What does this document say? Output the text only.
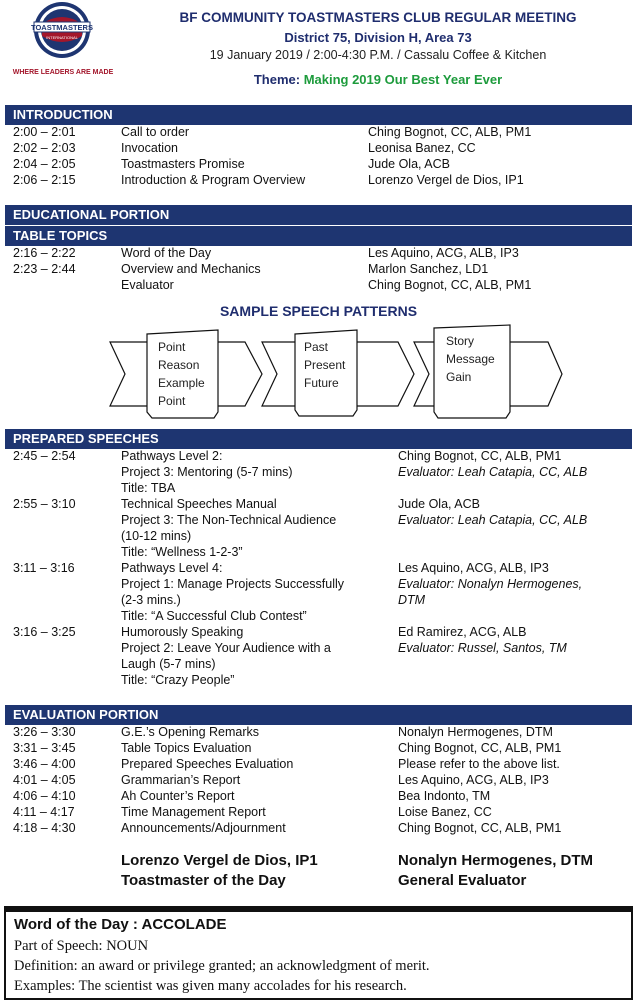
TOASTMASTERS
INTERNATIONAL
WHERE LEADERS ARE MADE
BF COMMUNITY TOASTMASTERS CLUB REGULAR MEETING
District 75, Division H, Area 73
19 January 2019 / 2:00-4:30 P.M. / Cassalu Coffee & Kitchen
Theme: Making 2019 Our Best Year Ever
INTRODUCTION
2:00 – 2:01	Call to order	Ching Bognot, CC, ALB, PM1
2:02 – 2:03	Invocation	Leonisa Banez, CC
2:04 – 2:05	Toastmasters Promise	Jude Ola, ACB
2:06 – 2:15	Introduction & Program Overview	Lorenzo Vergel de Dios, IP1
EDUCATIONAL PORTION
TABLE TOPICS
2:16 – 2:22	Word of the Day	Les Aquino, ACG, ALB, IP3
2:23 – 2:44	Overview and Mechanics	Marlon Sanchez, LD1
Evaluator	Ching Bognot, CC, ALB, PM1
SAMPLE SPEECH PATTERNS
Point
Reason
Example
Point
Past
Present
Future
Story
Message
Gain
PREPARED SPEECHES
2:45 – 2:54	Pathways Level 2:	Ching Bognot, CC, ALB, PM1
Project 3: Mentoring (5-7 mins)	Evaluator: Leah Catapia, CC, ALB
Title: TBA
2:55 – 3:10	Technical Speeches Manual	Jude Ola, ACB
Project 3: The Non-Technical Audience	Evaluator: Leah Catapia, CC, ALB
(10-12 mins)
Title: “Wellness 1-2-3”
3:11 – 3:16	Pathways Level 4:	Les Aquino, ACG, ALB, IP3
Project 1: Manage Projects Successfully	Evaluator: Nonalyn Hermogenes,
(2-3 mins.)	DTM
Title: “A Successful Club Contest”
3:16 – 3:25	Humorously Speaking	Ed Ramirez, ACG, ALB
Project 2: Leave Your Audience with a	Evaluator: Russel, Santos, TM
Laugh (5-7 mins)
Title: “Crazy People”
EVALUATION PORTION
3:26 – 3:30	G.E.’s Opening Remarks	Nonalyn Hermogenes, DTM
3:31 – 3:45	Table Topics Evaluation	Ching Bognot, CC, ALB, PM1
3:46 – 4:00	Prepared Speeches Evaluation	Please refer to the above list.
4:01 – 4:05	Grammarian’s Report	Les Aquino, ACG, ALB, IP3
4:06 – 4:10	Ah Counter’s Report	Bea Indonto, TM
4:11 – 4:17	Time Management Report	Loise Banez, CC
4:18 – 4:30	Announcements/Adjournment	Ching Bognot, CC, ALB, PM1
Lorenzo Vergel de Dios, IP1
Toastmaster of the Day
Nonalyn Hermogenes, DTM
General Evaluator
Word of the Day : ACCOLADE
Part of Speech: NOUN
Definition: an award or privilege granted; an acknowledgment of merit.
Examples: The scientist was given many accolades for his research.
